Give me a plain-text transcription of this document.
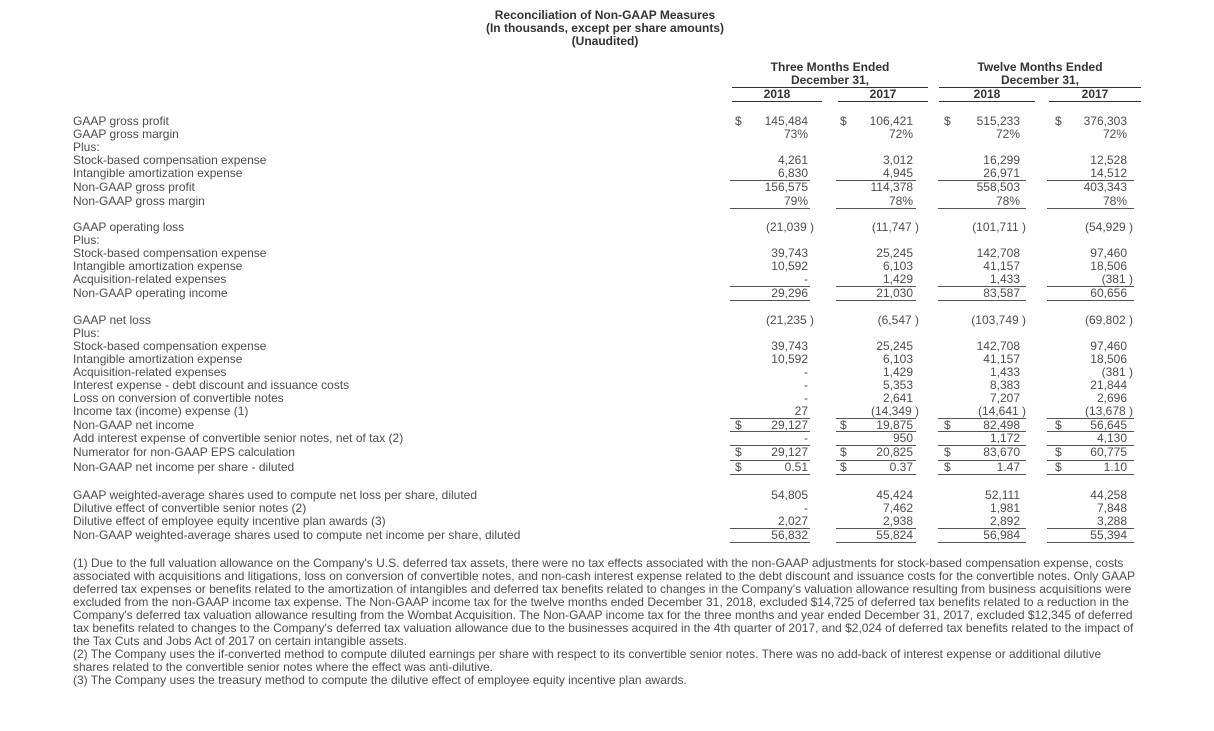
Reconciliation of Non-GAAP Measures
(In thousands, except per share amounts)
(Unaudited)
Three Months Ended
December 31,
Twelve Months Ended
December 31,
2018	2017	2018	2017
GAAP gross profit	$	145,484	$	106,421	$	515,233	$	376,303
GAAP gross margin	73%	72%	72%	72%
Plus:
Stock-based compensation expense	4,261	3,012	16,299	12,528
Intangible amortization expense	6,830	4,945	26,971	14,512
Non-GAAP gross profit	156,575	114,378	558,503	403,343
Non-GAAP gross margin	79%	78%	78%	78%
GAAP operating loss	(21,039 )	(11,747 )	(101,711 )	(54,929 )
Plus:
Stock-based compensation expense	39,743	25,245	142,708	97,460
Intangible amortization expense	10,592	6,103	41,157	18,506
Acquisition-related expenses	-	1,429	1,433	(381 )
Non-GAAP operating income	29,296	21,030	83,587	60,656
GAAP net loss	(21,235 )	(6,547 )	(103,749 )	(69,802 )
Plus:
Stock-based compensation expense	39,743	25,245	142,708	97,460
Intangible amortization expense	10,592	6,103	41,157	18,506
Acquisition-related expenses	-	1,429	1,433	(381 )
Interest expense - debt discount and issuance costs	-	5,353	8,383	21,844
Loss on conversion of convertible notes	-	2,641	7,207	2,696
Income tax (income) expense (1)	27	(14,349 )	(14,641 )	(13,678 )
Non-GAAP net income	$	29,127	$	19,875	$	82,498	$	56,645
Add interest expense of convertible senior notes, net of tax (2)	-	950	1,172	4,130
Numerator for non-GAAP EPS calculation	$	29,127	$	20,825	$	83,670	$	60,775
Non-GAAP net income per share - diluted	$	0.51	$	0.37	$	1.47	$	1.10
GAAP weighted-average shares used to compute net loss per share, diluted	54,805	45,424	52,111	44,258
Dilutive effect of convertible senior notes (2)	-	7,462	1,981	7,848
Dilutive effect of employee equity incentive plan awards (3)	2,027	2,938	2,892	3,288
Non-GAAP weighted-average shares used to compute net income per share, diluted	56,832	55,824	56,984	55,394

(1) Due to the full valuation allowance on the Company's U.S. deferred tax assets, there were no tax effects associated with the non-GAAP adjustments for stock-based compensation expense, costs associated with acquisitions and litigations, loss on conversion of convertible notes, and non-cash interest expense related to the debt discount and issuance costs for the convertible notes. Only GAAP deferred tax expenses or benefits related to the amortization of intangibles and deferred tax benefits related to changes in the Company's valuation allowance resulting from business acquisitions were excluded from the non-GAAP income tax expense. The Non-GAAP income tax for the twelve months ended December 31, 2018, excluded $14,725 of deferred tax benefits related to a reduction in the Company's deferred tax valuation allowance resulting from the Wombat Acquisition. The Non-GAAP income tax for the three months and year ended December 31, 2017, excluded $12,345 of deferred tax benefits related to changes to the Company's deferred tax valuation allowance due to the businesses acquired in the 4th quarter of 2017, and $2,024 of deferred tax benefits related to the impact of the Tax Cuts and Jobs Act of 2017 on certain intangible assets.

(2) The Company uses the if-converted method to compute diluted earnings per share with respect to its convertible senior notes. There was no add-back of interest expense or additional dilutive shares related to the convertible senior notes where the effect was anti-dilutive.

(3) The Company uses the treasury method to compute the dilutive effect of employee equity incentive plan awards.
